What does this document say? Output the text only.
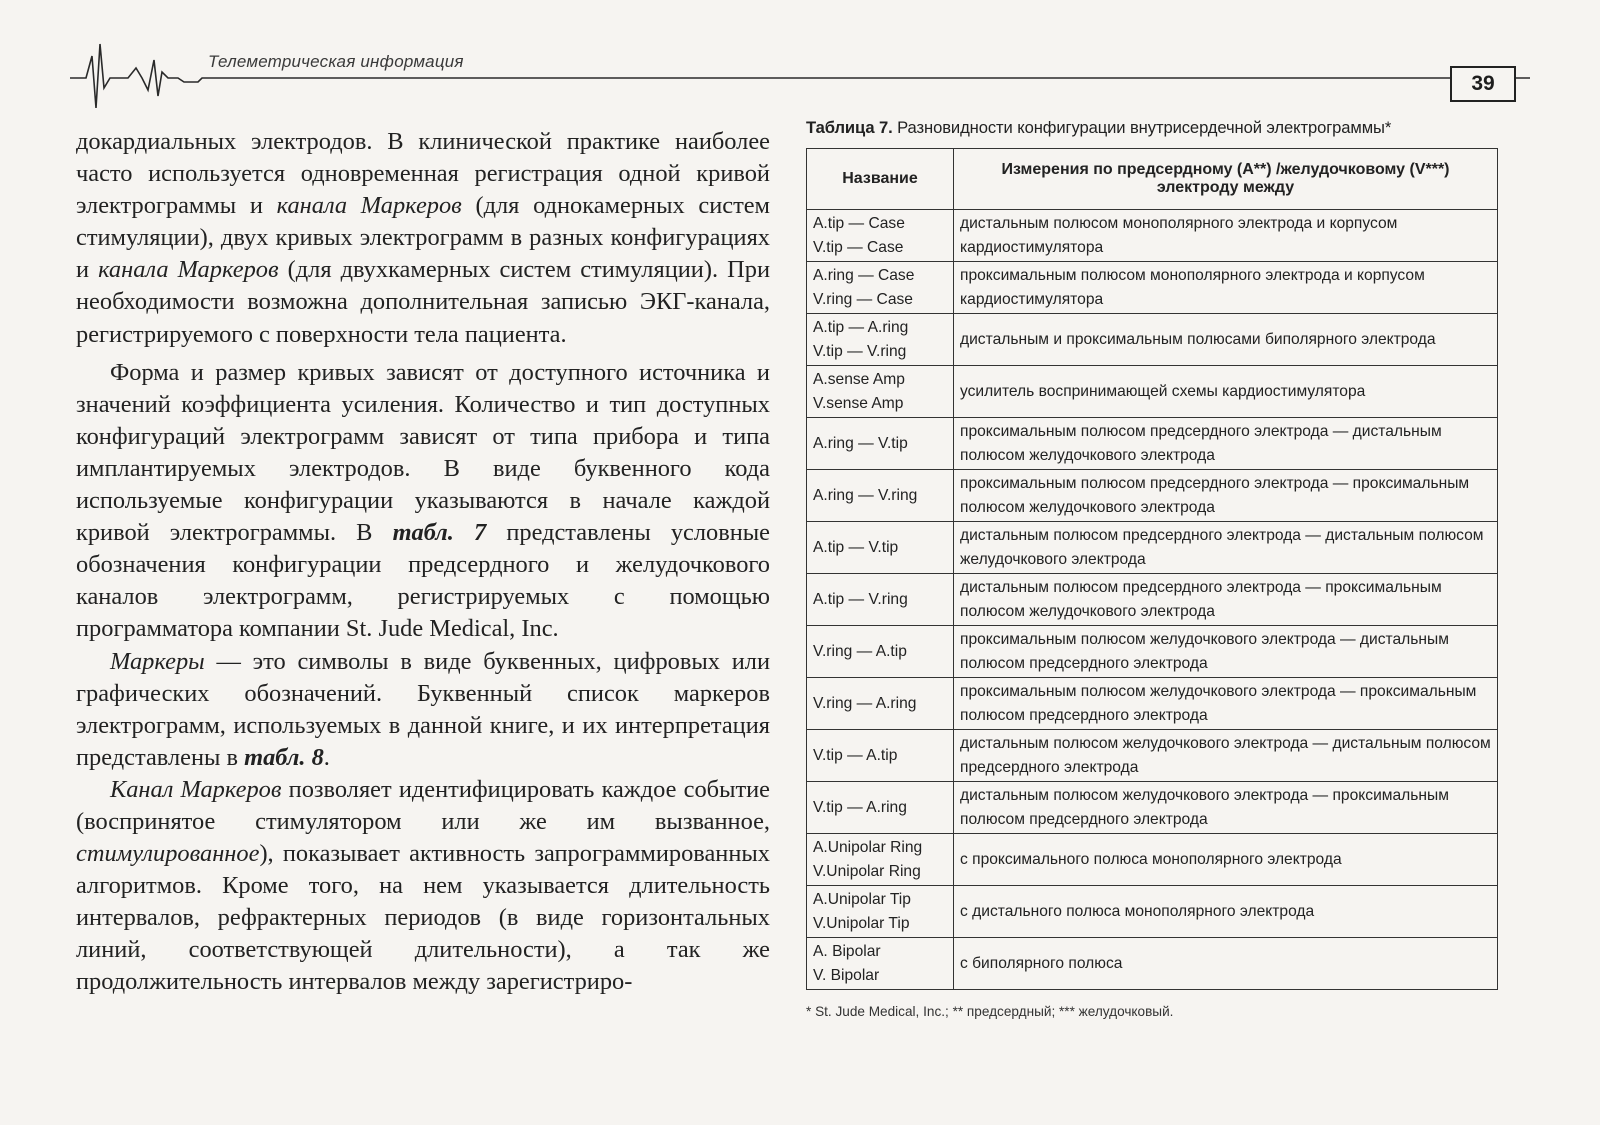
Телеметрическая информация
39

докардиальных электродов. В клинической практике наиболее часто используется одновременная регистрация одной кривой электрограммы и канала Маркеров (для однокамерных систем стимуляции), двух кривых электрограмм в разных конфигурациях и канала Маркеров (для двухкамерных систем стимуляции). При необходимости возможна дополнительная записью ЭКГ-канала, регистрируемого с поверхности тела пациента.

Форма и размер кривых зависят от доступного источника и значений коэффициента усиления. Количество и тип доступных конфигураций электрограмм зависят от типа прибора и типа имплантируемых электродов. В виде буквенного кода используемые конфигурации указываются в начале каждой кривой электрограммы. В табл. 7 представлены условные обозначения конфигурации предсердного и желудочкового каналов электрограмм, регистрируемых с помощью программатора компании St. Jude Medical, Inc.

Маркеры — это символы в виде буквенных, цифровых или графических обозначений. Буквенный список маркеров электрограмм, используемых в данной книге, и их интерпретация представлены в табл. 8.

Канал Маркеров позволяет идентифицировать каждое событие (воспринятое стимулятором или же им вызванное, стимулированное), показывает активность запрограммированных алгоритмов. Кроме того, на нем указывается длительность интервалов, рефрактерных периодов (в виде горизонтальных линий, соответствующей длительности), а так же продолжительность интервалов между зарегистриро-

Таблица 7. Разновидности конфигурации внутрисердечной электрограммы*
Название	Измерения по предсердному (A**) /желудочковому (V***) электроду между

A.tip — Case
V.tip — Case	дистальным полюсом монополярного электрода и корпусом кардиостимулятора

A.ring — Case
V.ring — Case	проксимальным полюсом монополярного электрода и корпусом кардиостимулятора

A.tip — A.ring
V.tip — V.ring	дистальным и проксимальным полюсами биполярного электрода

A.sense Amp
V.sense Amp	усилитель воспринимающей схемы кардиостимулятора

A.ring — V.tip	проксимальным полюсом предсердного электрода — дистальным полюсом желудочкового электрода

A.ring — V.ring	проксимальным полюсом предсердного электрода — проксимальным полюсом желудочкового электрода

A.tip — V.tip	дистальным полюсом предсердного электрода — дистальным полюсом желудочкового электрода

A.tip — V.ring	дистальным полюсом предсердного электрода — проксимальным полюсом желудочкового электрода

V.ring — A.tip	проксимальным полюсом желудочкового электрода — дистальным полюсом предсердного электрода

V.ring — A.ring	проксимальным полюсом желудочкового электрода — проксимальным полюсом предсердного электрода

V.tip — A.tip	дистальным полюсом желудочкового электрода — дистальным полюсом предсердного электрода

V.tip — A.ring	дистальным полюсом желудочкового электрода — проксимальным полюсом предсердного электрода

A.Unipolar Ring
V.Unipolar Ring	с проксимального полюса монополярного электрода

A.Unipolar Tip
V.Unipolar Tip	с дистального полюса монополярного электрода

A. Bipolar
V. Bipolar	с биполярного полюса
* St. Jude Medical, Inc.; ** предсердный; *** желудочковый.
